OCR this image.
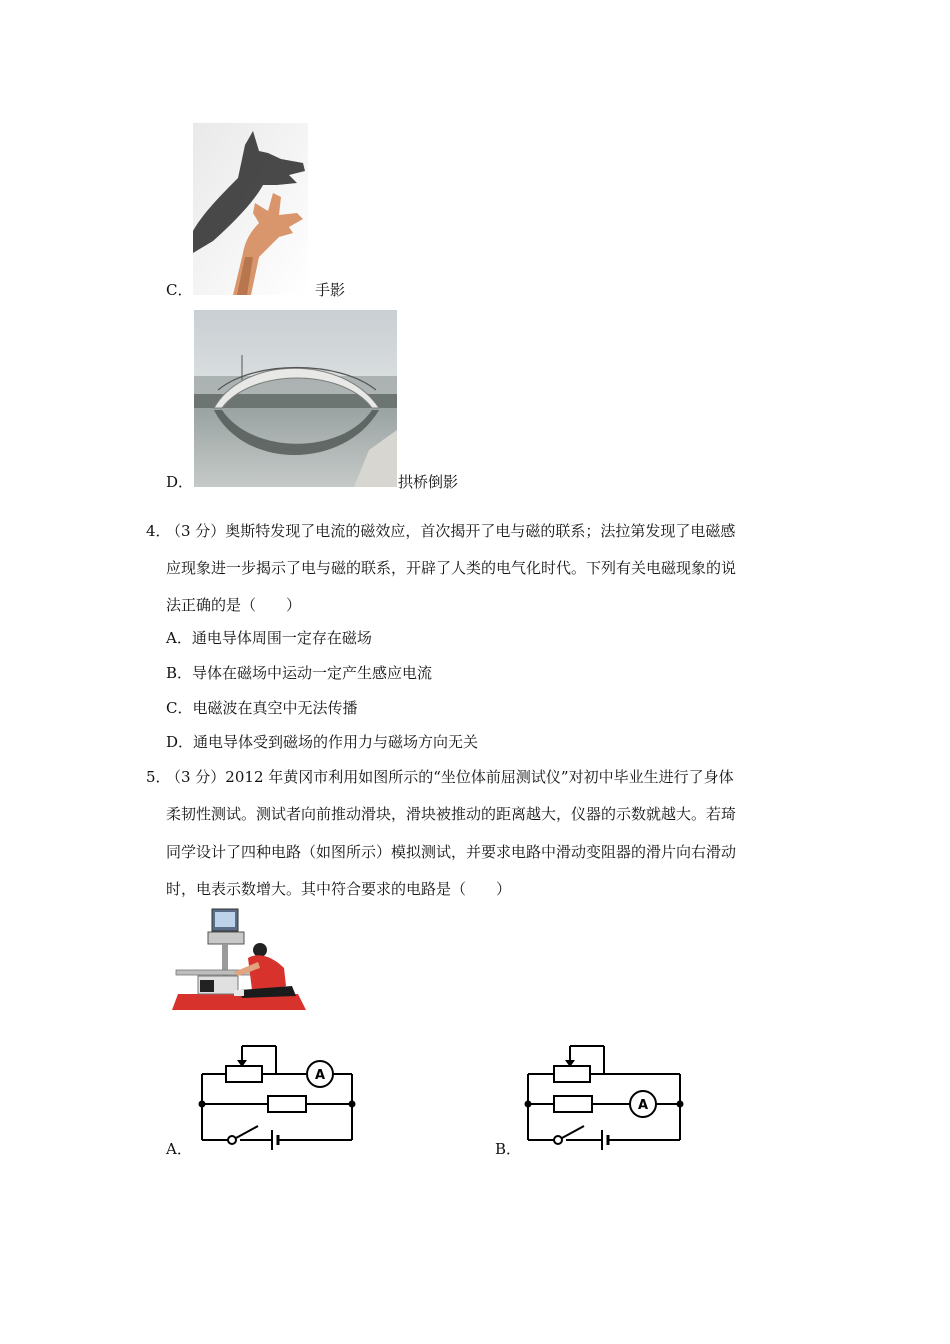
C．	手影
D．	拱桥倒影
4．
（3 分）奥斯特发现了电流的磁效应，首次揭开了电与磁的联系；法拉第发现了电磁感
应现象进一步揭示了电与磁的联系，开辟了人类的电气化时代。下列有关电磁现象的说
法正确的是（　　）
A．通电导体周围一定存在磁场
B．导体在磁场中运动一定产生感应电流
C．电磁波在真空中无法传播
D．通电导体受到磁场的作用力与磁场方向无关
5．
（3 分）2012 年黄冈市利用如图所示的“坐位体前屈测试仪”对初中毕业生进行了身体
柔韧性测试。测试者向前推动滑块，滑块被推动的距离越大，仪器的示数就越大。若琦
同学设计了四种电路（如图所示）模拟测试，并要求电路中滑动变阻器的滑片向右滑动
时，电表示数增大。其中符合要求的电路是（　　）
A．
A
B．
A
